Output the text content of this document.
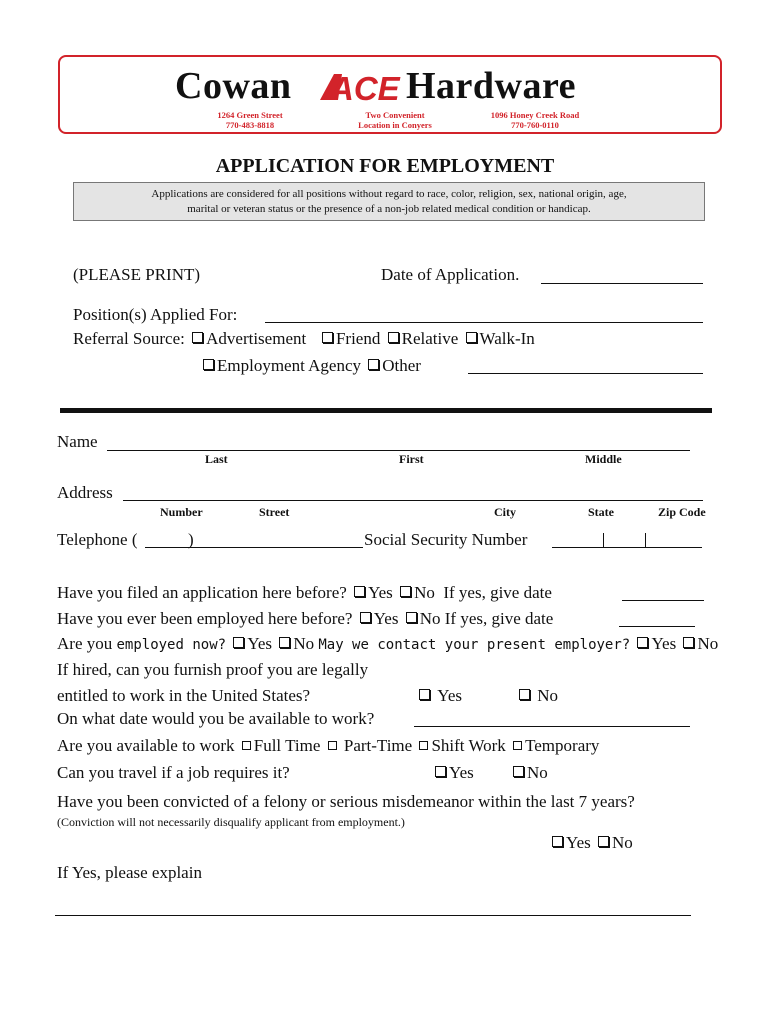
Cowan ACE Hardware
1264 Green Street
770-483-8818
Two Convenient
Location in Conyers
1096 Honey Creek Road
770-760-0110
APPLICATION FOR EMPLOYMENT
Applications are considered for all positions without regard to race, color, religion, sex, national origin, age,
marital or veteran status or the presence of a non-job related medical condition or handicap.
(PLEASE PRINT)	Date of Application.
Position(s) Applied For:
Referral Source: Advertisement Friend Relative Walk-In
Employment Agency Other
Name
Last	First	Middle
Address
Number	Street	City	State	Zip Code
Telephone (	)	Social Security Number
Have you filed an application here before? Yes No If yes, give date
Have you ever been employed here before? Yes No If yes, give date
Are you employed now? Yes No May we contact your present employer? Yes No
If hired, can you furnish proof you are legally
entitled to work in the United States?	Yes	No
On what date would you be available to work?
Are you available to work Full Time Part-Time Shift Work Temporary
Can you travel if a job requires it?	Yes	No
Have you been convicted of a felony or serious misdemeanor within the last 7 years?
(Conviction will not necessarily disqualify applicant from employment.)
Yes No
If Yes, please explain
